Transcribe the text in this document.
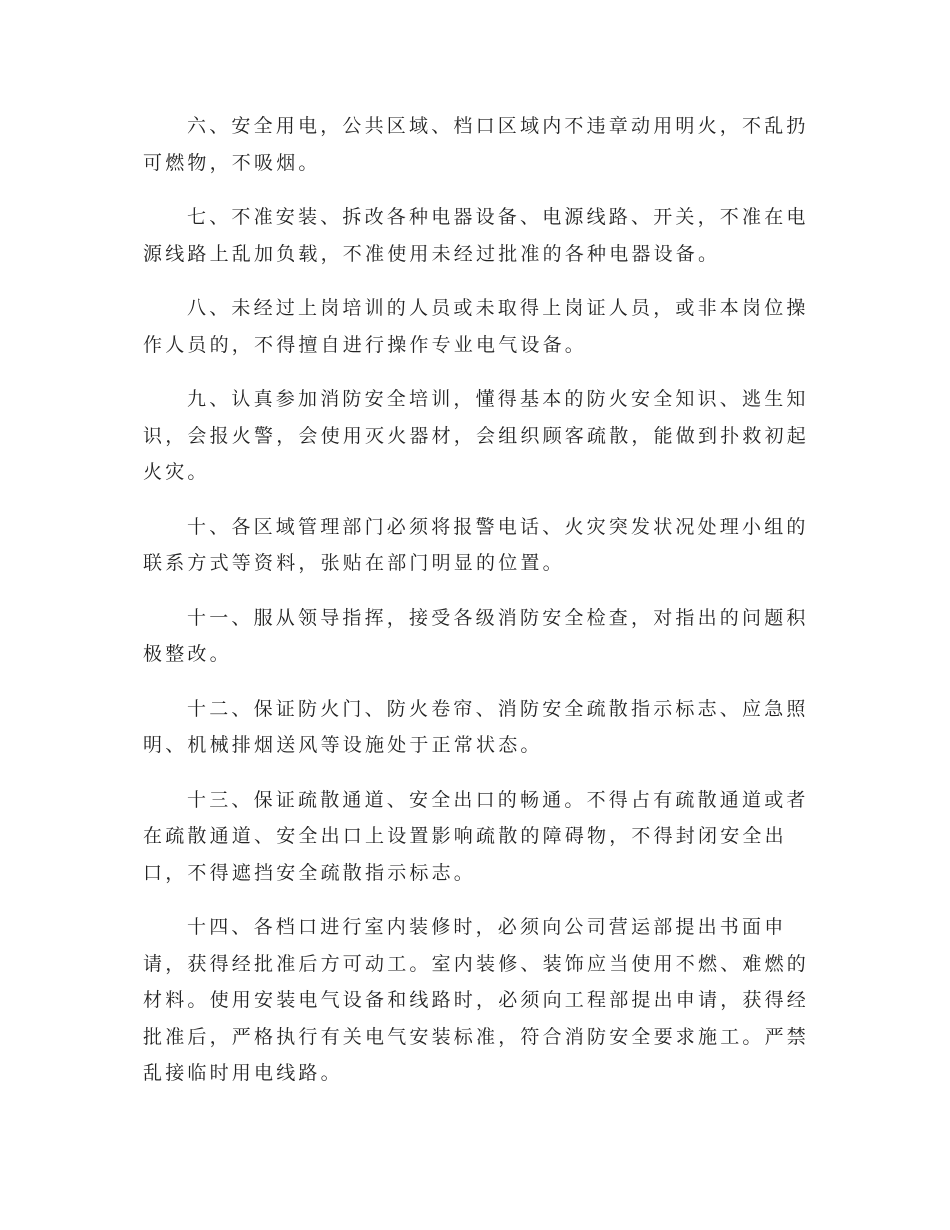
六、安全用电，公共区域、档口区域内不违章动用明火，不乱扔
可燃物，不吸烟。

七、不准安装、拆改各种电器设备、电源线路、开关，不准在电
源线路上乱加负载，不准使用未经过批准的各种电器设备。

八、未经过上岗培训的人员或未取得上岗证人员，或非本岗位操
作人员的，不得擅自进行操作专业电气设备。

九、认真参加消防安全培训，懂得基本的防火安全知识、逃生知
识，会报火警，会使用灭火器材，会组织顾客疏散，能做到扑救初起
火灾。

十、各区域管理部门必须将报警电话、火灾突发状况处理小组的
联系方式等资料，张贴在部门明显的位置。

十一、服从领导指挥，接受各级消防安全检查，对指出的问题积
极整改。

十二、保证防火门、防火卷帘、消防安全疏散指示标志、应急照
明、机械排烟送风等设施处于正常状态。

十三、保证疏散通道、安全出口的畅通。不得占有疏散通道或者
在疏散通道、安全出口上设置影响疏散的障碍物，不得封闭安全出
口，不得遮挡安全疏散指示标志。

十四、各档口进行室内装修时，必须向公司营运部提出书面申
请，获得经批准后方可动工。室内装修、装饰应当使用不燃、难燃的
材料。使用安装电气设备和线路时，必须向工程部提出申请，获得经
批准后，严格执行有关电气安装标准，符合消防安全要求施工。严禁
乱接临时用电线路。
